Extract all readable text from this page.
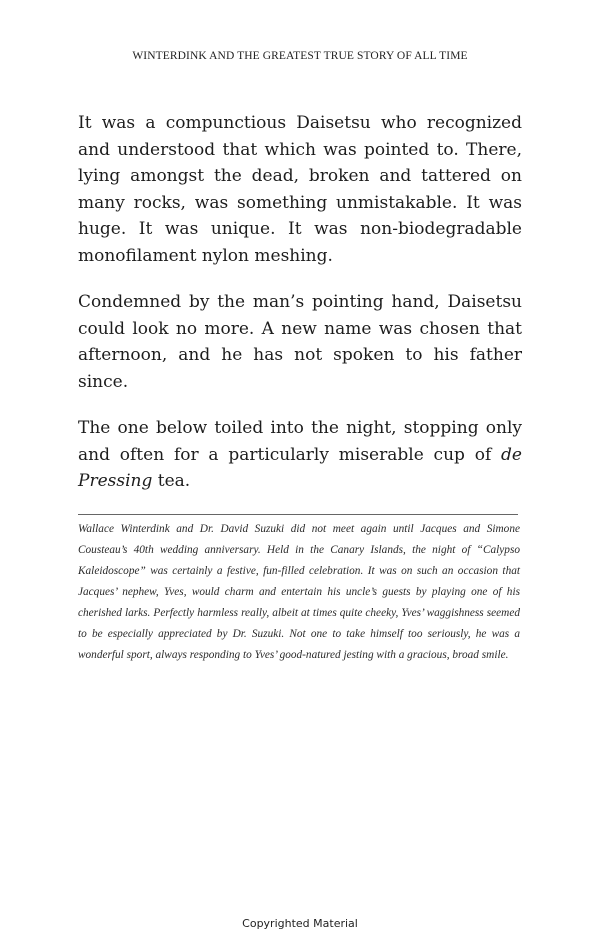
WINTERDINK AND THE GREATEST TRUE STORY OF ALL TIME

It was a compunctious Daisetsu who recognized and understood that which was pointed to. There, lying amongst the dead, broken and tattered on many rocks, was something unmistakable. It was huge. It was unique. It was non-biodegradable monofilament nylon meshing.

Condemned by the man’s pointing hand, Daisetsu could look no more. A new name was chosen that afternoon, and he has not spoken to his father since.

The one below toiled into the night, stopping only and often for a particularly miserable cup of de Pressing tea.

Wallace Winterdink and Dr. David Suzuki did not meet again until Jacques and Simone Cousteau’s 40th wedding anniversary. Held in the Canary Islands, the night of “Calypso Kaleidoscope” was certainly a festive, fun-filled celebration. It was on such an occasion that Jacques’ nephew, Yves, would charm and entertain his uncle’s guests by playing one of his cherished larks. Perfectly harmless really, albeit at times quite cheeky, Yves’ waggishness seemed to be especially appreciated by Dr. Suzuki. Not one to take himself too seriously, he was a wonderful sport, always responding to Yves’ good-natured jesting with a gracious, broad smile.

Copyrighted Material
